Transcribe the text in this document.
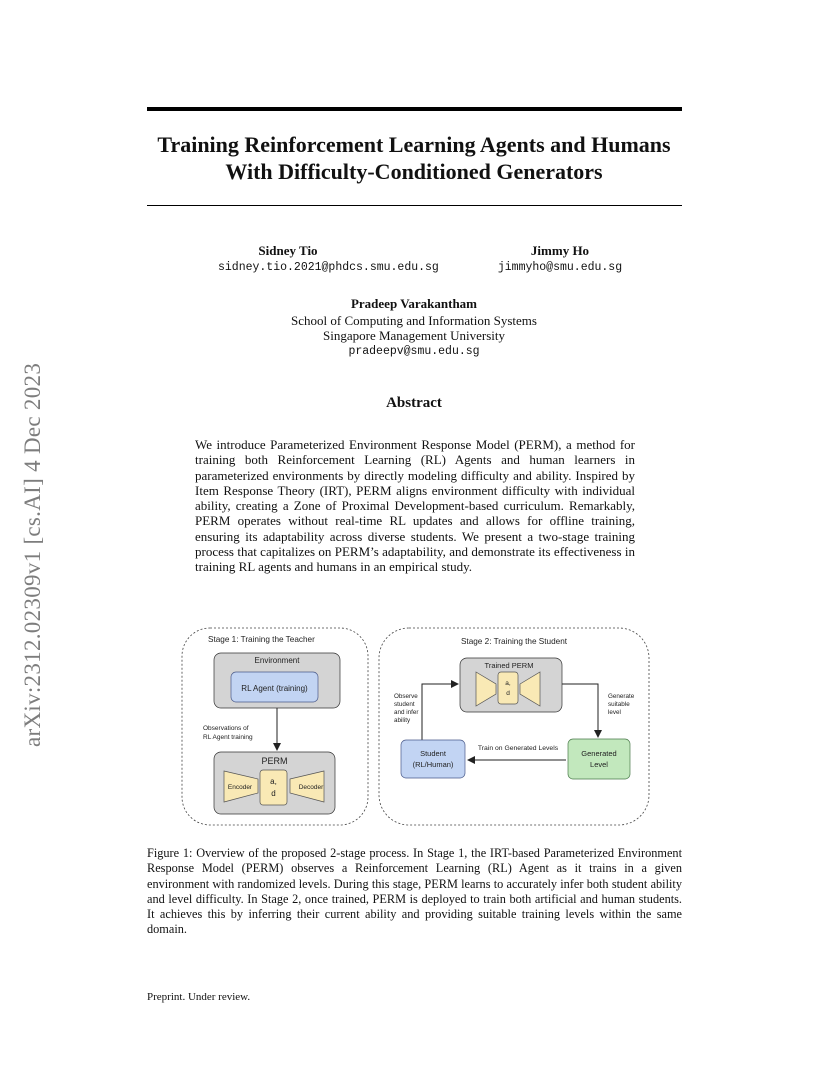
arXiv:2312.02309v1 [cs.AI] 4 Dec 2023
Training Reinforcement Learning Agents and Humans
With Difficulty-Conditioned Generators
Sidney Tio
sidney.tio.2021@phdcs.smu.edu.sg
Jimmy Ho
jimmyho@smu.edu.sg
Pradeep Varakantham
School of Computing and Information Systems
Singapore Management University
pradeepv@smu.edu.sg
Abstract
We introduce Parameterized Environment Response Model (PERM), a method for training both Reinforcement Learning (RL) Agents and human learners in parameterized environments by directly modeling difficulty and ability. Inspired by Item Response Theory (IRT), PERM aligns environment difficulty with individual ability, creating a Zone of Proximal Development-based curriculum. Remarkably, PERM operates without real-time RL updates and allows for offline training, ensuring its adaptability across diverse students. We present a two-stage training process that capitalizes on PERM’s adaptability, and demonstrate its effectiveness in training RL agents and humans in an empirical study.
Stage 1: Training the Teacher
Environment
RL Agent (training)
Observations of
RL Agent training
PERM
Encoder
a,
d
Decoder
Stage 2: Training the Student
Trained PERM
a,
d
Observe
student
and infer
ability
Generate
suitable
level
Train on Generated Levels
Student
(RL/Human)
Generated
Level
Figure 1: Overview of the proposed 2-stage process. In Stage 1, the IRT-based Parameterized Environment Response Model (PERM) observes a Reinforcement Learning (RL) Agent as it trains in a given environment with randomized levels. During this stage, PERM learns to accurately infer both student ability and level difficulty. In Stage 2, once trained, PERM is deployed to train both artificial and human students. It achieves this by inferring their current ability and providing suitable training levels within the same domain.
Preprint. Under review.
